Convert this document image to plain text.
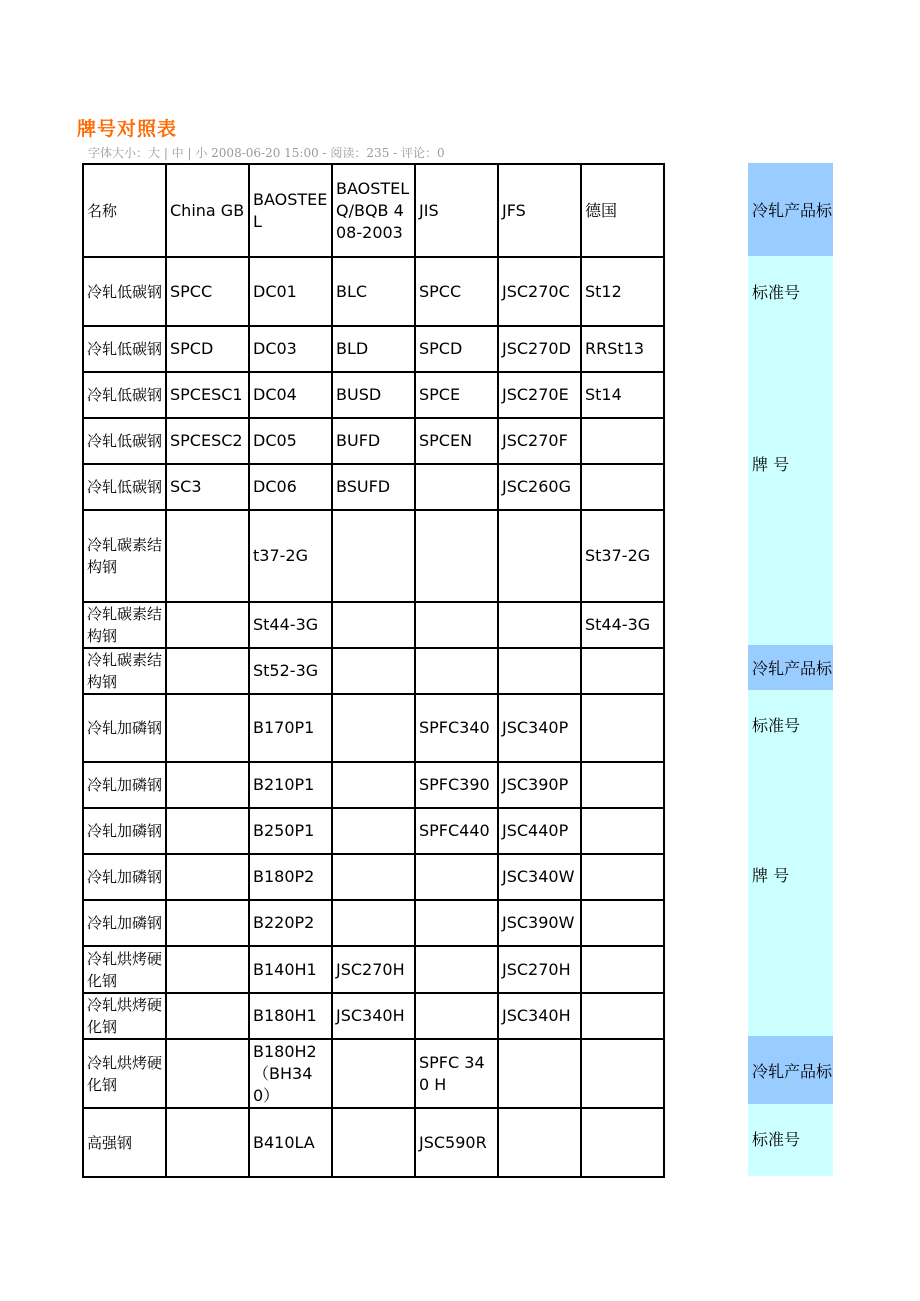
牌号对照表
字体大小：大 | 中 | 小 2008-06-20 15:00 - 阅读：235 - 评论：0
名称	China GB	BAOSTEEL	BAOSTEL Q/BQB 408-2003	JIS	JFS	德国
冷轧低碳钢	SPCC	DC01	BLC	SPCC	JSC270C	St12
冷轧低碳钢	SPCD	DC03	BLD	SPCD	JSC270D	RRSt13
冷轧低碳钢	SPCESC1	DC04	BUSD	SPCE	JSC270E	St14
冷轧低碳钢	SPCESC2	DC05	BUFD	SPCEN	JSC270F	
冷轧低碳钢	SC3	DC06	BSUFD		JSC260G	
冷轧碳素结构钢		t37-2G				St37-2G
冷轧碳素结构钢		St44-3G				St44-3G
冷轧碳素结构钢		St52-3G				
冷轧加磷钢		B170P1		SPFC340	JSC340P	
冷轧加磷钢		B210P1		SPFC390	JSC390P	
冷轧加磷钢		B250P1		SPFC440	JSC440P	
冷轧加磷钢		B180P2			JSC340W	
冷轧加磷钢		B220P2			JSC390W	
冷轧烘烤硬化钢		B140H1	JSC270H		JSC270H	
冷轧烘烤硬化钢		B180H1	JSC340H		JSC340H	
冷轧烘烤硬化钢		B180H2（BH340）		SPFC 340 H		
高强钢		B410LA		JSC590R		
冷轧产品标
标准号
牌 号
冷轧产品标
标准号
牌 号
冷轧产品标
标准号
